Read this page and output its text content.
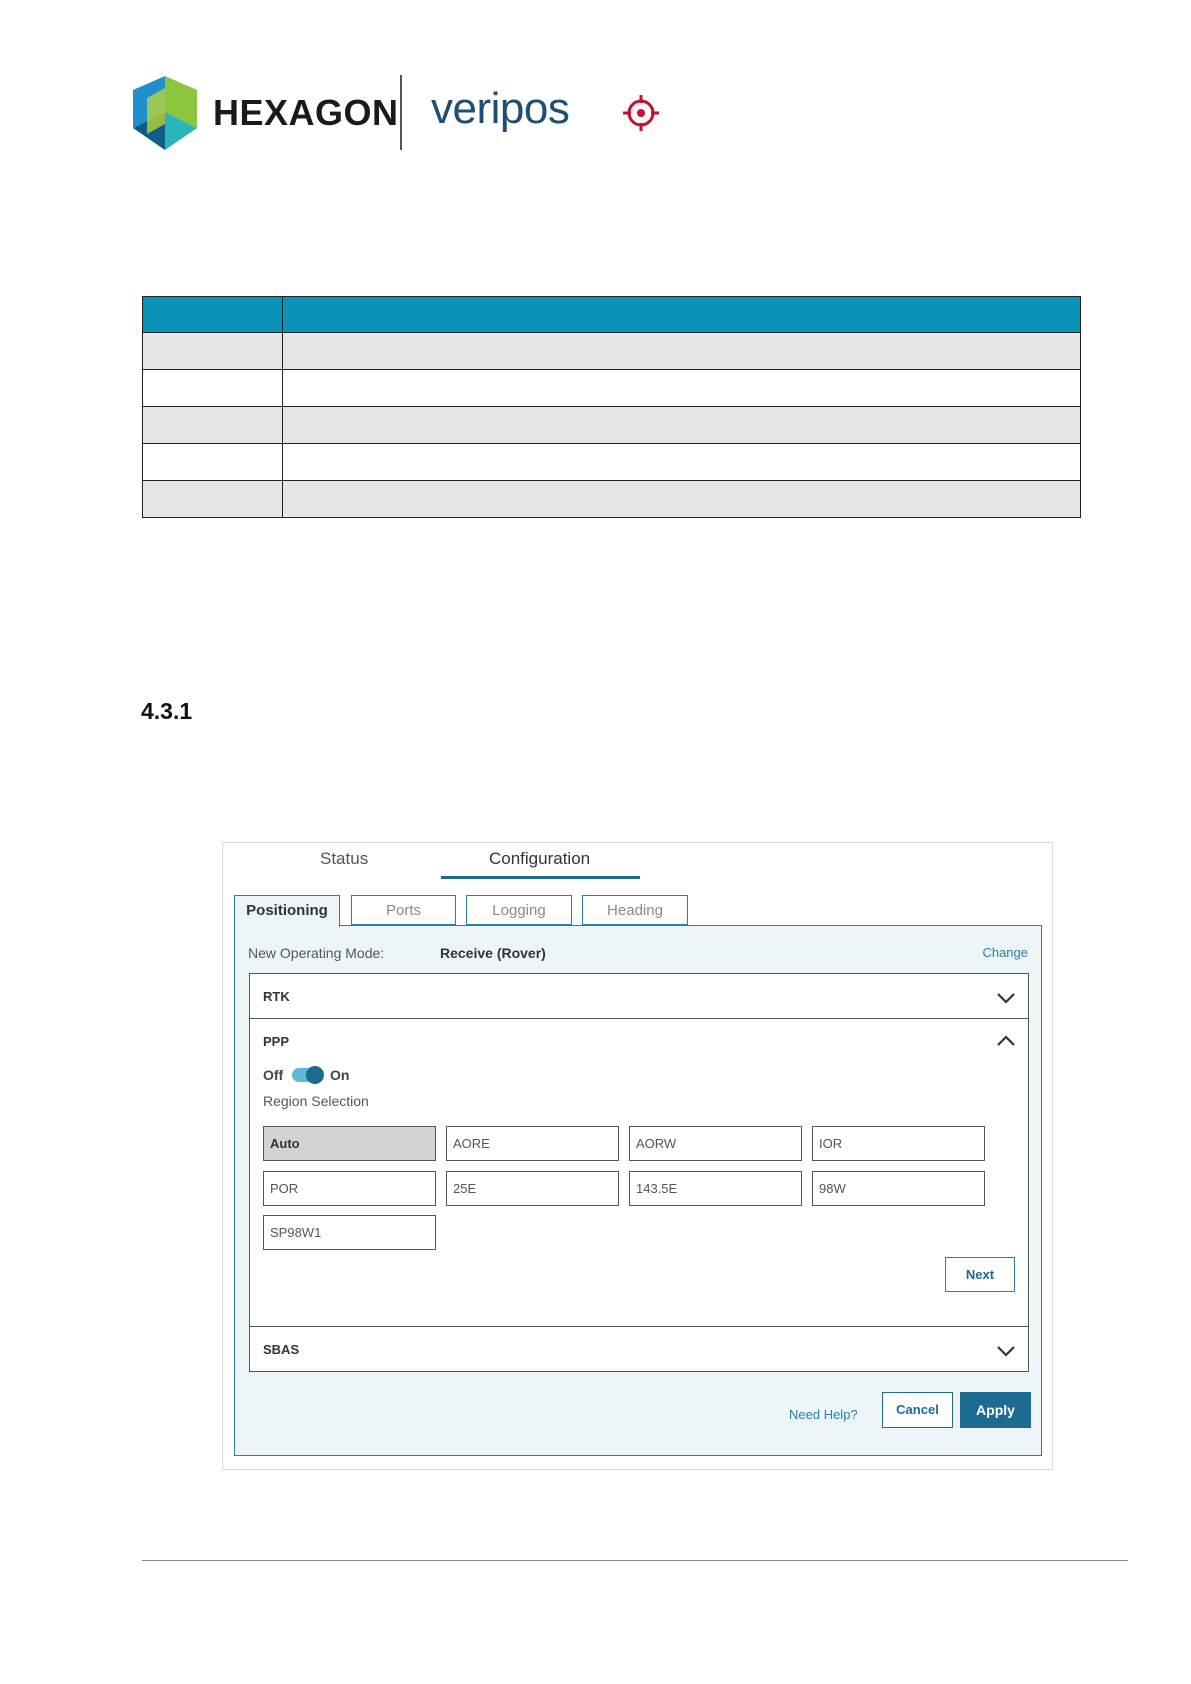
HEXAGON veripos

4.3.1
Status	Configuration
Positioning	Ports	Logging	Heading
New Operating Mode:	Receive (Rover)	Change
RTK
PPP
Off	On
Region Selection
Auto	AORE	AORW	IOR
POR	25E	143.5E	98W
SP98W1
Next
SBAS
Need Help?	Cancel	Apply
